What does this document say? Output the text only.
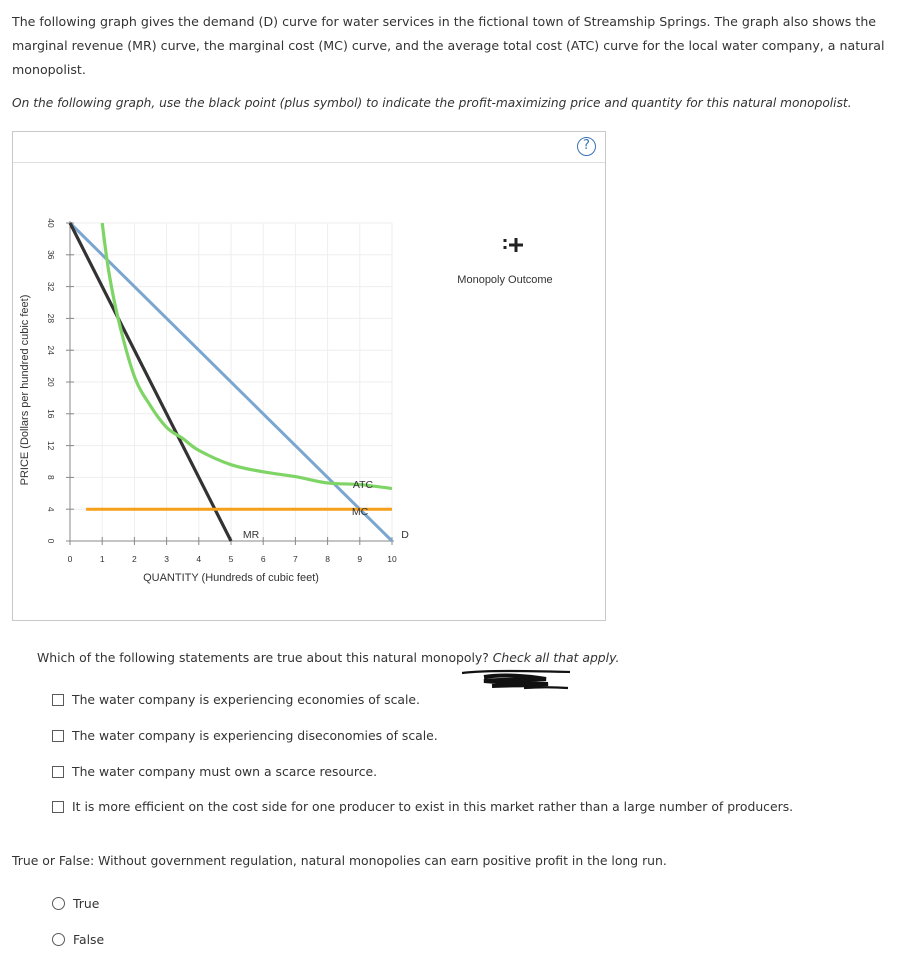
The following graph gives the demand (D) curve for water services in the fictional town of Streamship Springs. The graph also shows the marginal revenue (MR) curve, the marginal cost (MC) curve, and the average total cost (ATC) curve for the local water company, a natural monopolist.
On the following graph, use the black point (plus symbol) to indicate the profit-maximizing price and quantity for this natural monopolist.
?
0
4
8
12
16
20
24
28
32
36
40
0	1	2	3	4	5	6	7	8	9	10
PRICE (Dollars per hundred cubic feet)
QUANTITY (Hundreds of cubic feet)
ATC
MC
MR	D
Monopoly Outcome
Which of the following statements are true about this natural monopoly? Check all that apply.
The water company is experiencing economies of scale.
The water company is experiencing diseconomies of scale.
The water company must own a scarce resource.
It is more efficient on the cost side for one producer to exist in this market rather than a large number of producers.
True or False: Without government regulation, natural monopolies can earn positive profit in the long run.
True
False
